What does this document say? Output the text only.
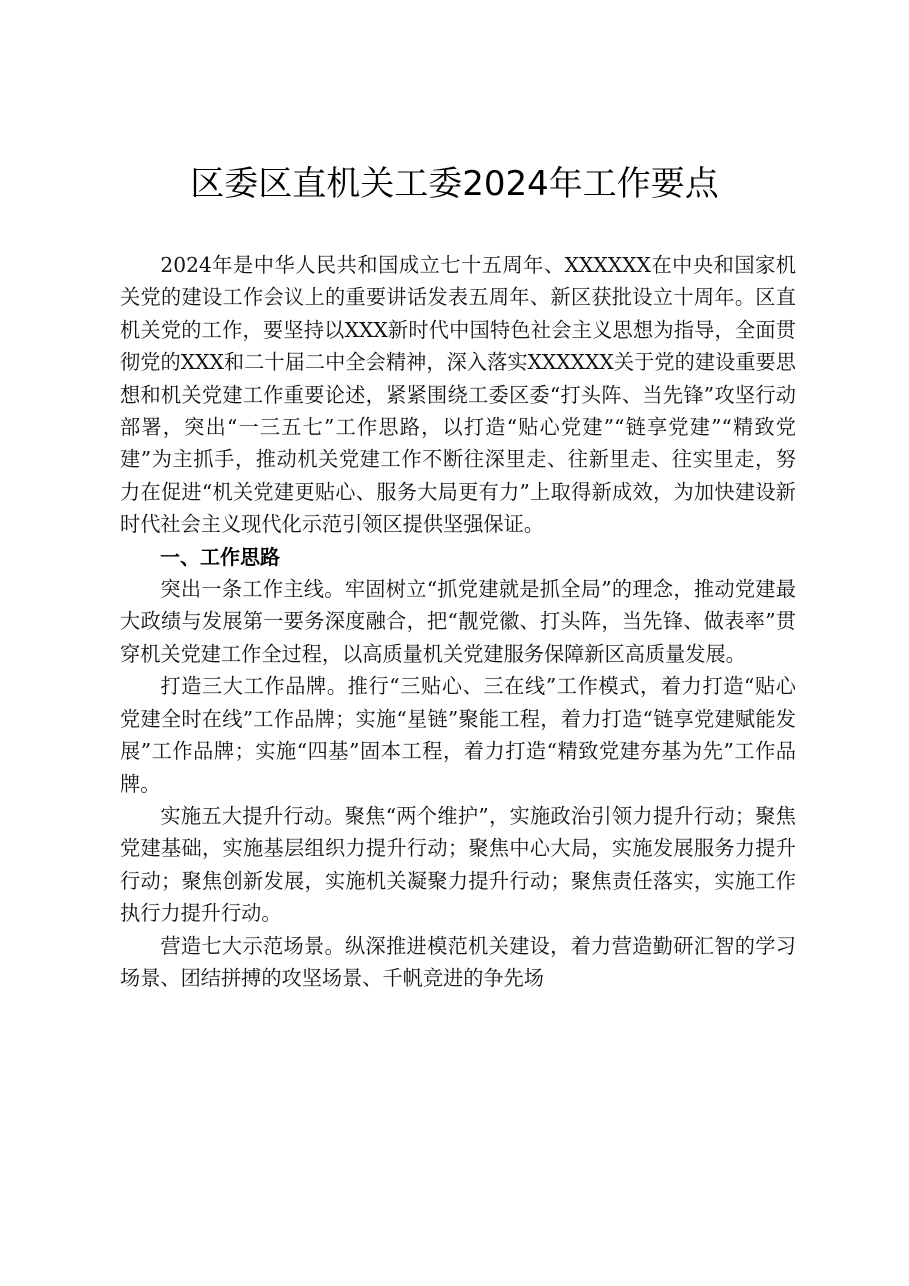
区委区直机关工委2024年工作要点

2024年是中华人民共和国成立七十五周年、XXXXXX在中央和国家机关党的建设工作会议上的重要讲话发表五周年、新区获批设立十周年。区直机关党的工作，要坚持以XXX新时代中国特色社会主义思想为指导，全面贯彻党的XXX和二十届二中全会精神，深入落实XXXXXX关于党的建设重要思想和机关党建工作重要论述，紧紧围绕工委区委“打头阵、当先锋”攻坚行动部署，突出“一三五七”工作思路，以打造“贴心党建”“链享党建”“精致党建”为主抓手，推动机关党建工作不断往深里走、往新里走、往实里走，努力在促进“机关党建更贴心、服务大局更有力”上取得新成效，为加快建设新时代社会主义现代化示范引领区提供坚强保证。

一、工作思路

突出一条工作主线。牢固树立“抓党建就是抓全局”的理念，推动党建最大政绩与发展第一要务深度融合，把“靓党徽、打头阵，当先锋、做表率”贯穿机关党建工作全过程，以高质量机关党建服务保障新区高质量发展。

打造三大工作品牌。推行“三贴心、三在线”工作模式，着力打造“贴心党建全时在线”工作品牌；实施“星链”聚能工程，着力打造“链享党建赋能发展”工作品牌；实施“四基”固本工程，着力打造“精致党建夯基为先”工作品牌。

实施五大提升行动。聚焦“两个维护”，实施政治引领力提升行动；聚焦党建基础，实施基层组织力提升行动；聚焦中心大局，实施发展服务力提升行动；聚焦创新发展，实施机关凝聚力提升行动；聚焦责任落实，实施工作执行力提升行动。

营造七大示范场景。纵深推进模范机关建设，着力营造勤研汇智的学习场景、团结拼搏的攻坚场景、千帆竞进的争先场
